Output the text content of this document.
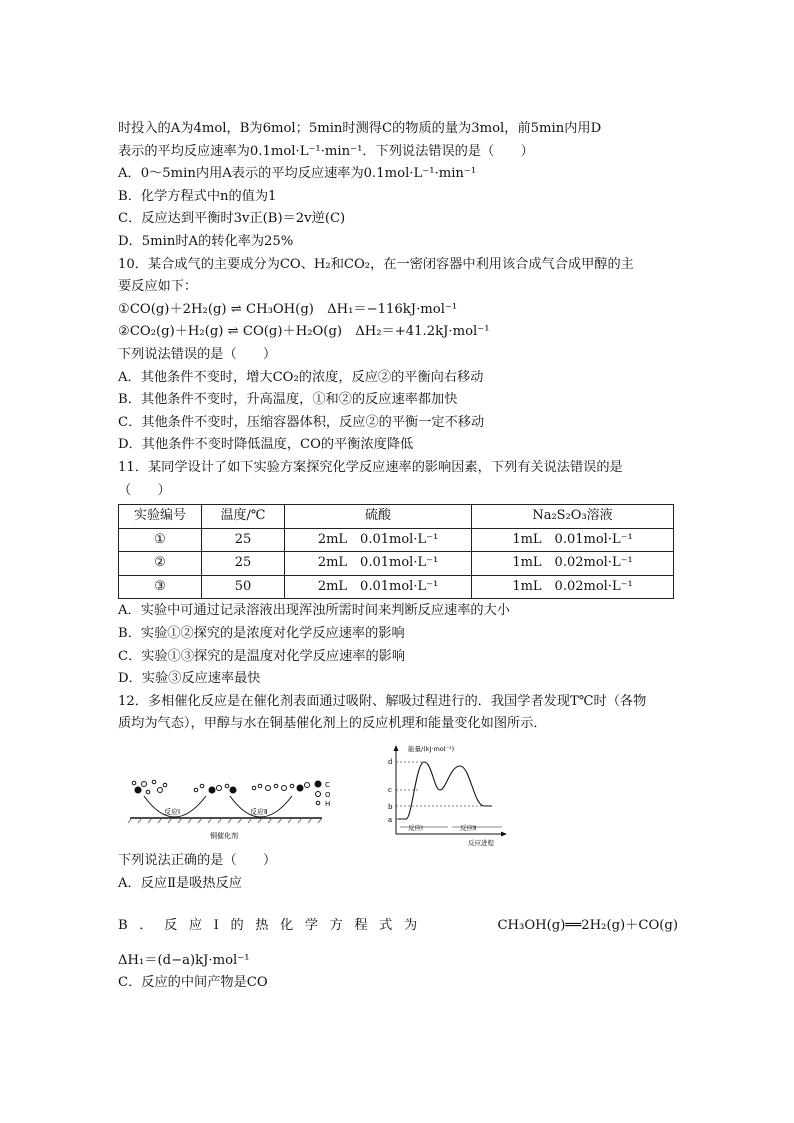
时投入的A为4mol，B为6mol；5min时测得C的物质的量为3mol，前5min内用D
表示的平均反应速率为0.1mol·L⁻¹·min⁻¹．下列说法错误的是（　　）
A．0～5min内用A表示的平均反应速率为0.1mol·L⁻¹·min⁻¹
B．化学方程式中n的值为1
C．反应达到平衡时3v正(B)＝2v逆(C)
D．5min时A的转化率为25%
10．某合成气的主要成分为CO、H₂和CO₂，在一密闭容器中利用该合成气合成甲醇的主
要反应如下：
①CO(g)＋2H₂(g) ⇌ CH₃OH(g)　ΔH₁＝−116kJ·mol⁻¹
②CO₂(g)＋H₂(g) ⇌ CO(g)＋H₂O(g)　ΔH₂＝+41.2kJ·mol⁻¹
下列说法错误的是（　　）
A．其他条件不变时，增大CO₂的浓度，反应②的平衡向右移动
B．其他条件不变时，升高温度，①和②的反应速率都加快
C．其他条件不变时，压缩容器体积，反应②的平衡一定不移动
D．其他条件不变时降低温度，CO的平衡浓度降低
11．某同学设计了如下实验方案探究化学反应速率的影响因素，下列有关说法错误的是
（　　）
实验编号	温度/℃	硫酸	Na₂S₂O₃溶液
①	25	2mL　0.01mol·L⁻¹	1mL　0.01mol·L⁻¹
②	25	2mL　0.01mol·L⁻¹	1mL　0.02mol·L⁻¹
③	50	2mL　0.01mol·L⁻¹	1mL　0.02mol·L⁻¹
A．实验中可通过记录溶液出现浑浊所需时间来判断反应速率的大小
B．实验①②探究的是浓度对化学反应速率的影响
C．实验①③探究的是温度对化学反应速率的影响
D．实验③反应速率最快
12．多相催化反应是在催化剂表面通过吸附、解吸过程进行的．我国学者发现T℃时（各物
质均为气态），甲醇与水在铜基催化剂上的反应机理和能量变化如图所示．
C
O
H
反应Ⅰ	反应Ⅱ
铜催化剂
能量/(kJ·mol⁻¹)
d
c
b
a
反应Ⅰ	反应Ⅱ
反应进程
下列说法正确的是（　　）
A．反应Ⅱ是吸热反应
B．反应Ⅰ的热化学方程式为	CH₃OH(g)══2H₂(g)＋CO(g)
ΔH₁＝(d−a)kJ·mol⁻¹
C．反应的中间产物是CO
